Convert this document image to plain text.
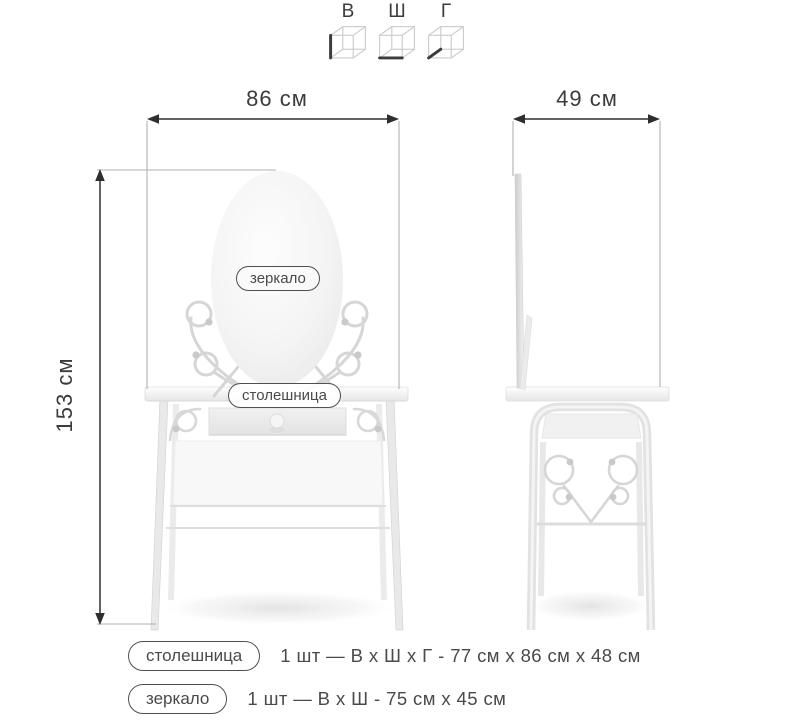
В	Ш	Г
86 см	49 см
153 см
зеркало
столешница
столешница	1 шт — В х Ш х Г - 77 см х 86 см х 48 см
зеркало	1 шт — В х Ш - 75 см х 45 см
